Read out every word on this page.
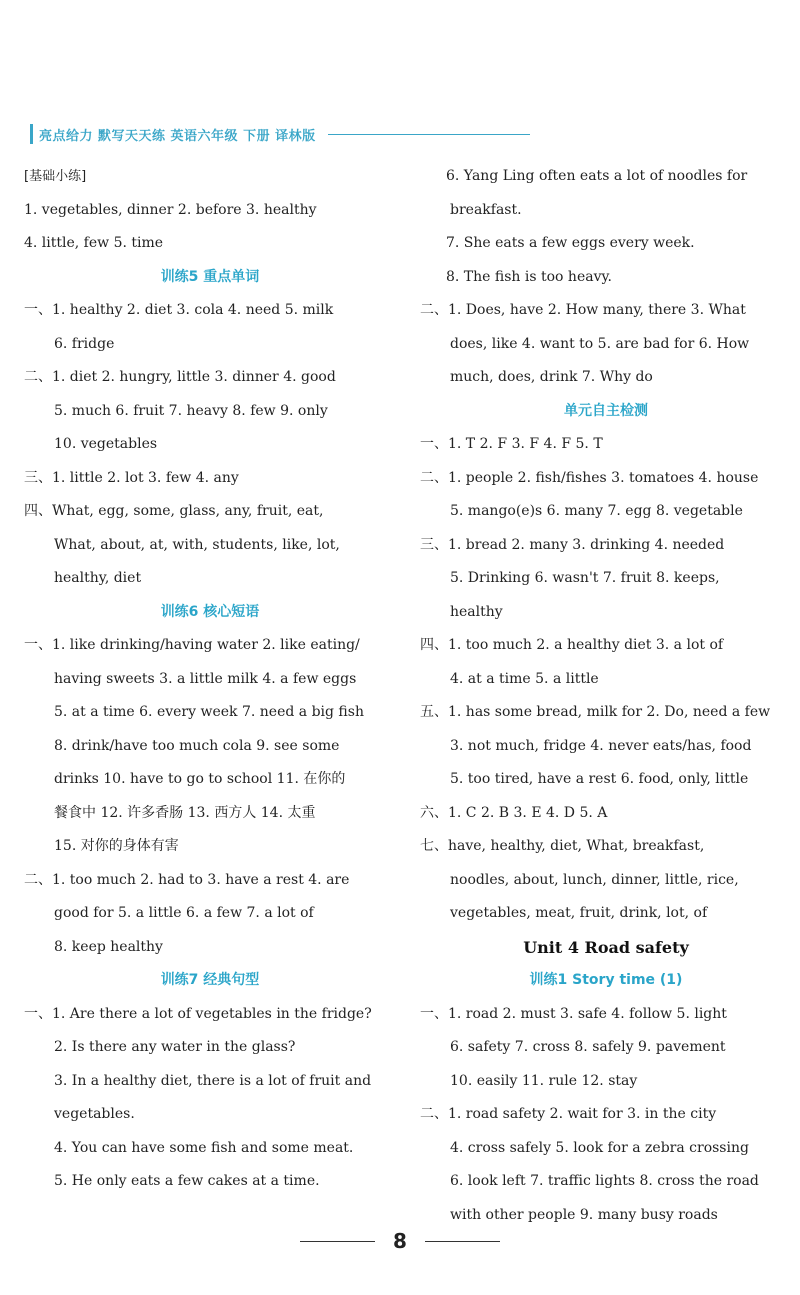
亮点给力 默写天天练 英语六年级 下册 译林版
[基础小练]
1. vegetables, dinner 2. before 3. healthy
4. little, few 5. time
训练5 重点单词
一、1. healthy 2. diet 3. cola 4. need 5. milk
6. fridge
二、1. diet 2. hungry, little 3. dinner 4. good
5. much 6. fruit 7. heavy 8. few 9. only
10. vegetables
三、1. little 2. lot 3. few 4. any
四、What, egg, some, glass, any, fruit, eat,
What, about, at, with, students, like, lot,
healthy, diet
训练6 核心短语
一、1. like drinking/having water 2. like eating/
having sweets 3. a little milk 4. a few eggs
5. at a time 6. every week 7. need a big fish
8. drink/have too much cola 9. see some
drinks 10. have to go to school 11. 在你的
餐食中 12. 许多香肠 13. 西方人 14. 太重
15. 对你的身体有害
二、1. too much 2. had to 3. have a rest 4. are
good for 5. a little 6. a few 7. a lot of
8. keep healthy
训练7 经典句型
一、1. Are there a lot of vegetables in the fridge?
2. Is there any water in the glass?
3. In a healthy diet, there is a lot of fruit and
vegetables.
4. You can have some fish and some meat.
5. He only eats a few cakes at a time.
6. Yang Ling often eats a lot of noodles for
breakfast.
7. She eats a few eggs every week.
8. The fish is too heavy.
二、1. Does, have 2. How many, there 3. What
does, like 4. want to 5. are bad for 6. How
much, does, drink 7. Why do
单元自主检测
一、1. T 2. F 3. F 4. F 5. T
二、1. people 2. fish/fishes 3. tomatoes 4. house
5. mango(e)s 6. many 7. egg 8. vegetable
三、1. bread 2. many 3. drinking 4. needed
5. Drinking 6. wasn't 7. fruit 8. keeps,
healthy
四、1. too much 2. a healthy diet 3. a lot of
4. at a time 5. a little
五、1. has some bread, milk for 2. Do, need a few
3. not much, fridge 4. never eats/has, food
5. too tired, have a rest 6. food, only, little
六、1. C 2. B 3. E 4. D 5. A
七、have, healthy, diet, What, breakfast,
noodles, about, lunch, dinner, little, rice,
vegetables, meat, fruit, drink, lot, of
Unit 4 Road safety
训练1 Story time (1)
一、1. road 2. must 3. safe 4. follow 5. light
6. safety 7. cross 8. safely 9. pavement
10. easily 11. rule 12. stay
二、1. road safety 2. wait for 3. in the city
4. cross safely 5. look for a zebra crossing
6. look left 7. traffic lights 8. cross the road
with other people 9. many busy roads
8
